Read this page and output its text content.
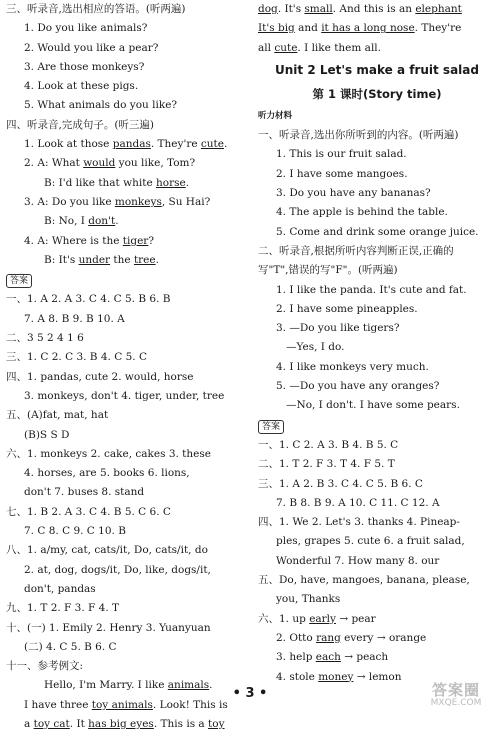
三、听录音,选出相应的答语。(听两遍)
1. Do you like animals?
2. Would you like a pear?
3. Are those monkeys?
4. Look at these pigs.
5. What animals do you like?
四、听录音,完成句子。(听三遍)
1. Look at those pandas. They're cute.
2. A: What would you like, Tom?
B: I'd like that white horse.
3. A: Do you like monkeys, Su Hai?
B: No, I don't.
4. A: Where is the tiger?
B: It's under the tree.
答案
一、1. A 2. A 3. C 4. C 5. B 6. B
7. A 8. B 9. B 10. A
二、3 5 2 4 1 6
三、1. C 2. C 3. B 4. C 5. C
四、1. pandas, cute 2. would, horse
3. monkeys, don't 4. tiger, under, tree
五、(A)fat, mat, hat
(B)S S D
六、1. monkeys 2. cake, cakes 3. these
4. horses, are 5. books 6. lions,
don't 7. buses 8. stand
七、1. B 2. A 3. C 4. B 5. C 6. C
7. C 8. C 9. C 10. B
八、1. a/my, cat, cats/it, Do, cats/it, do
2. at, dog, dogs/it, Do, like, dogs/it,
don't, pandas
九、1. T 2. F 3. F 4. T
十、(一) 1. Emily 2. Henry 3. Yuanyuan
(二) 4. C 5. B 6. C
十一、参考例文:
Hello, I'm Marry. I like animals.
I have three toy animals. Look! This is
a toy cat. It has big eyes. This is a toy
dog. It's small. And this is an elephant
It's big and it has a long nose. They're
all cute. I like them all.
Unit 2 Let's make a fruit salad
第 1 课时(Story time)
听力材料
一、听录音,选出你所听到的内容。(听两遍)
1. This is our fruit salad.
2. I have some mangoes.
3. Do you have any bananas?
4. The apple is behind the table.
5. Come and drink some orange juice.
二、听录音,根据所听内容判断正误,正确的
写"T",错误的写"F"。(听两遍)
1. I like the panda. It's cute and fat.
2. I have some pineapples.
3. —Do you like tigers?
—Yes, I do.
4. I like monkeys very much.
5. —Do you have any oranges?
—No, I don't. I have some pears.
答案
一、1. C 2. A 3. B 4. B 5. C
二、1. T 2. F 3. T 4. F 5. T
三、1. A 2. B 3. C 4. C 5. B 6. C
7. B 8. B 9. A 10. C 11. C 12. A
四、1. We 2. Let's 3. thanks 4. Pineap-
ples, grapes 5. cute 6. a fruit salad,
Wonderful 7. How many 8. our
五、Do, have, mangoes, banana, please,
you, Thanks
六、1. up early → pear
2. Otto rang every → orange
3. help each → peach
4. stole money → lemon
• 3 •	答案圈
MXQE.COM
